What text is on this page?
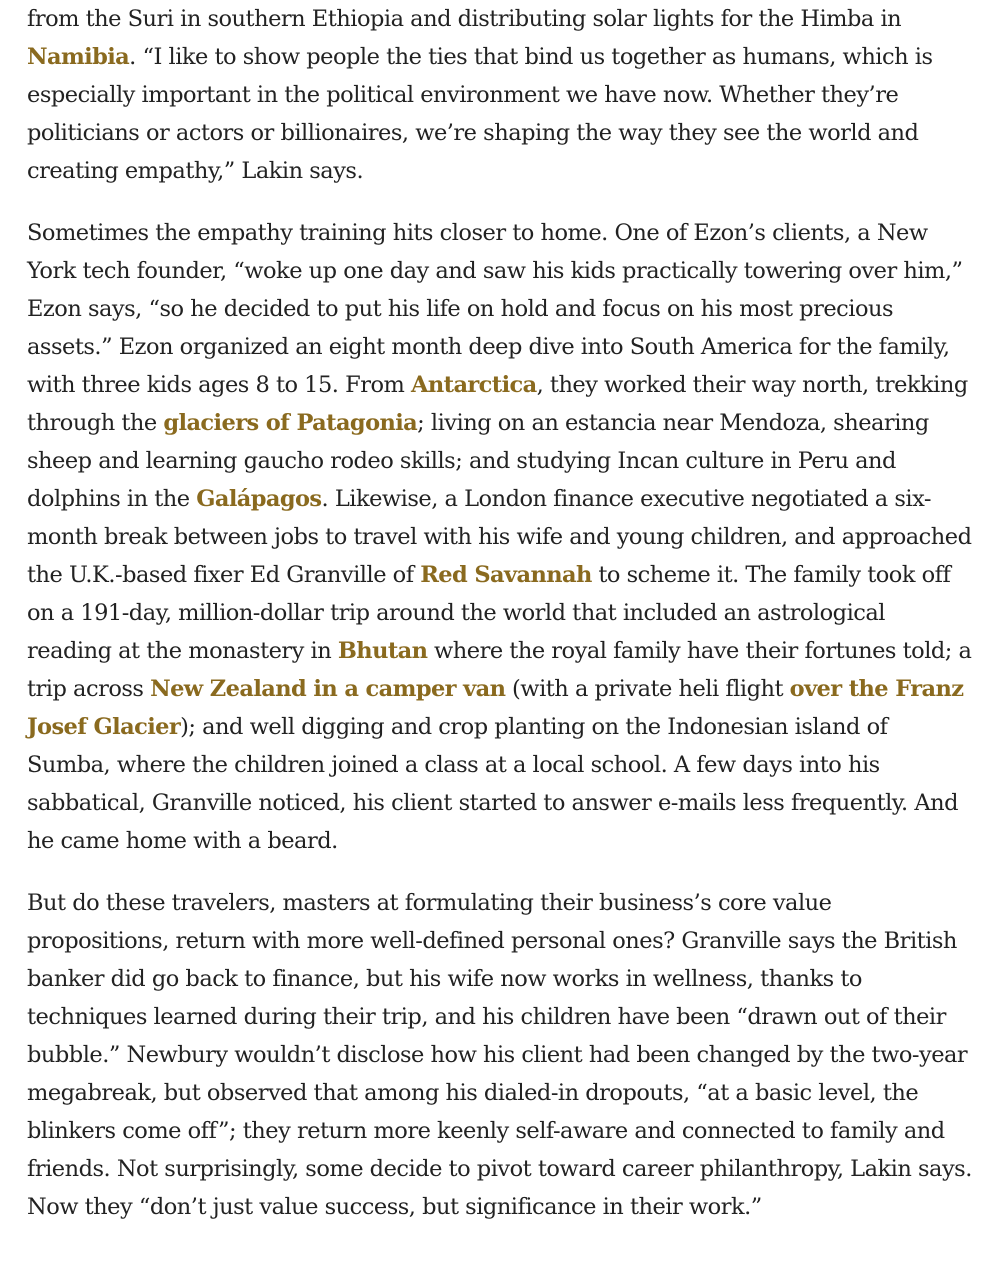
from the Suri in southern Ethiopia and distributing solar lights for the Himba in Namibia. “I like to show people the ties that bind us together as humans, which is especially important in the political environment we have now. Whether they’re politicians or actors or billionaires, we’re shaping the way they see the world and creating empathy,” Lakin says.

Sometimes the empathy training hits closer to home. One of Ezon’s clients, a New York tech founder, “woke up one day and saw his kids practically towering over him,” Ezon says, “so he decided to put his life on hold and focus on his most precious assets.” Ezon organized an eight month deep dive into South America for the family, with three kids ages 8 to 15. From Antarctica, they worked their way north, trekking through the glaciers of Patagonia; living on an estancia near Mendoza, shearing sheep and learning gaucho rodeo skills; and studying Incan culture in Peru and dolphins in the Galápagos. Likewise, a London finance executive negotiated a six-month break between jobs to travel with his wife and young children, and approached the U.K.-based fixer Ed Granville of Red Savannah to scheme it. The family took off on a 191-day, million-dollar trip around the world that included an astrological reading at the monastery in Bhutan where the royal family have their fortunes told; a trip across New Zealand in a camper van (with a private heli flight over the Franz Josef Glacier); and well digging and crop planting on the Indonesian island of Sumba, where the children joined a class at a local school. A few days into his sabbatical, Granville noticed, his client started to answer e-mails less frequently. And he came home with a beard.

But do these travelers, masters at formulating their business’s core value propositions, return with more well-defined personal ones? Granville says the British banker did go back to finance, but his wife now works in wellness, thanks to techniques learned during their trip, and his children have been “drawn out of their bubble.” Newbury wouldn’t disclose how his client had been changed by the two-year megabreak, but observed that among his dialed-in dropouts, “at a basic level, the blinkers come off”; they return more keenly self-aware and connected to family and friends. Not surprisingly, some decide to pivot toward career philanthropy, Lakin says. Now they “don’t just value success, but significance in their work.”
